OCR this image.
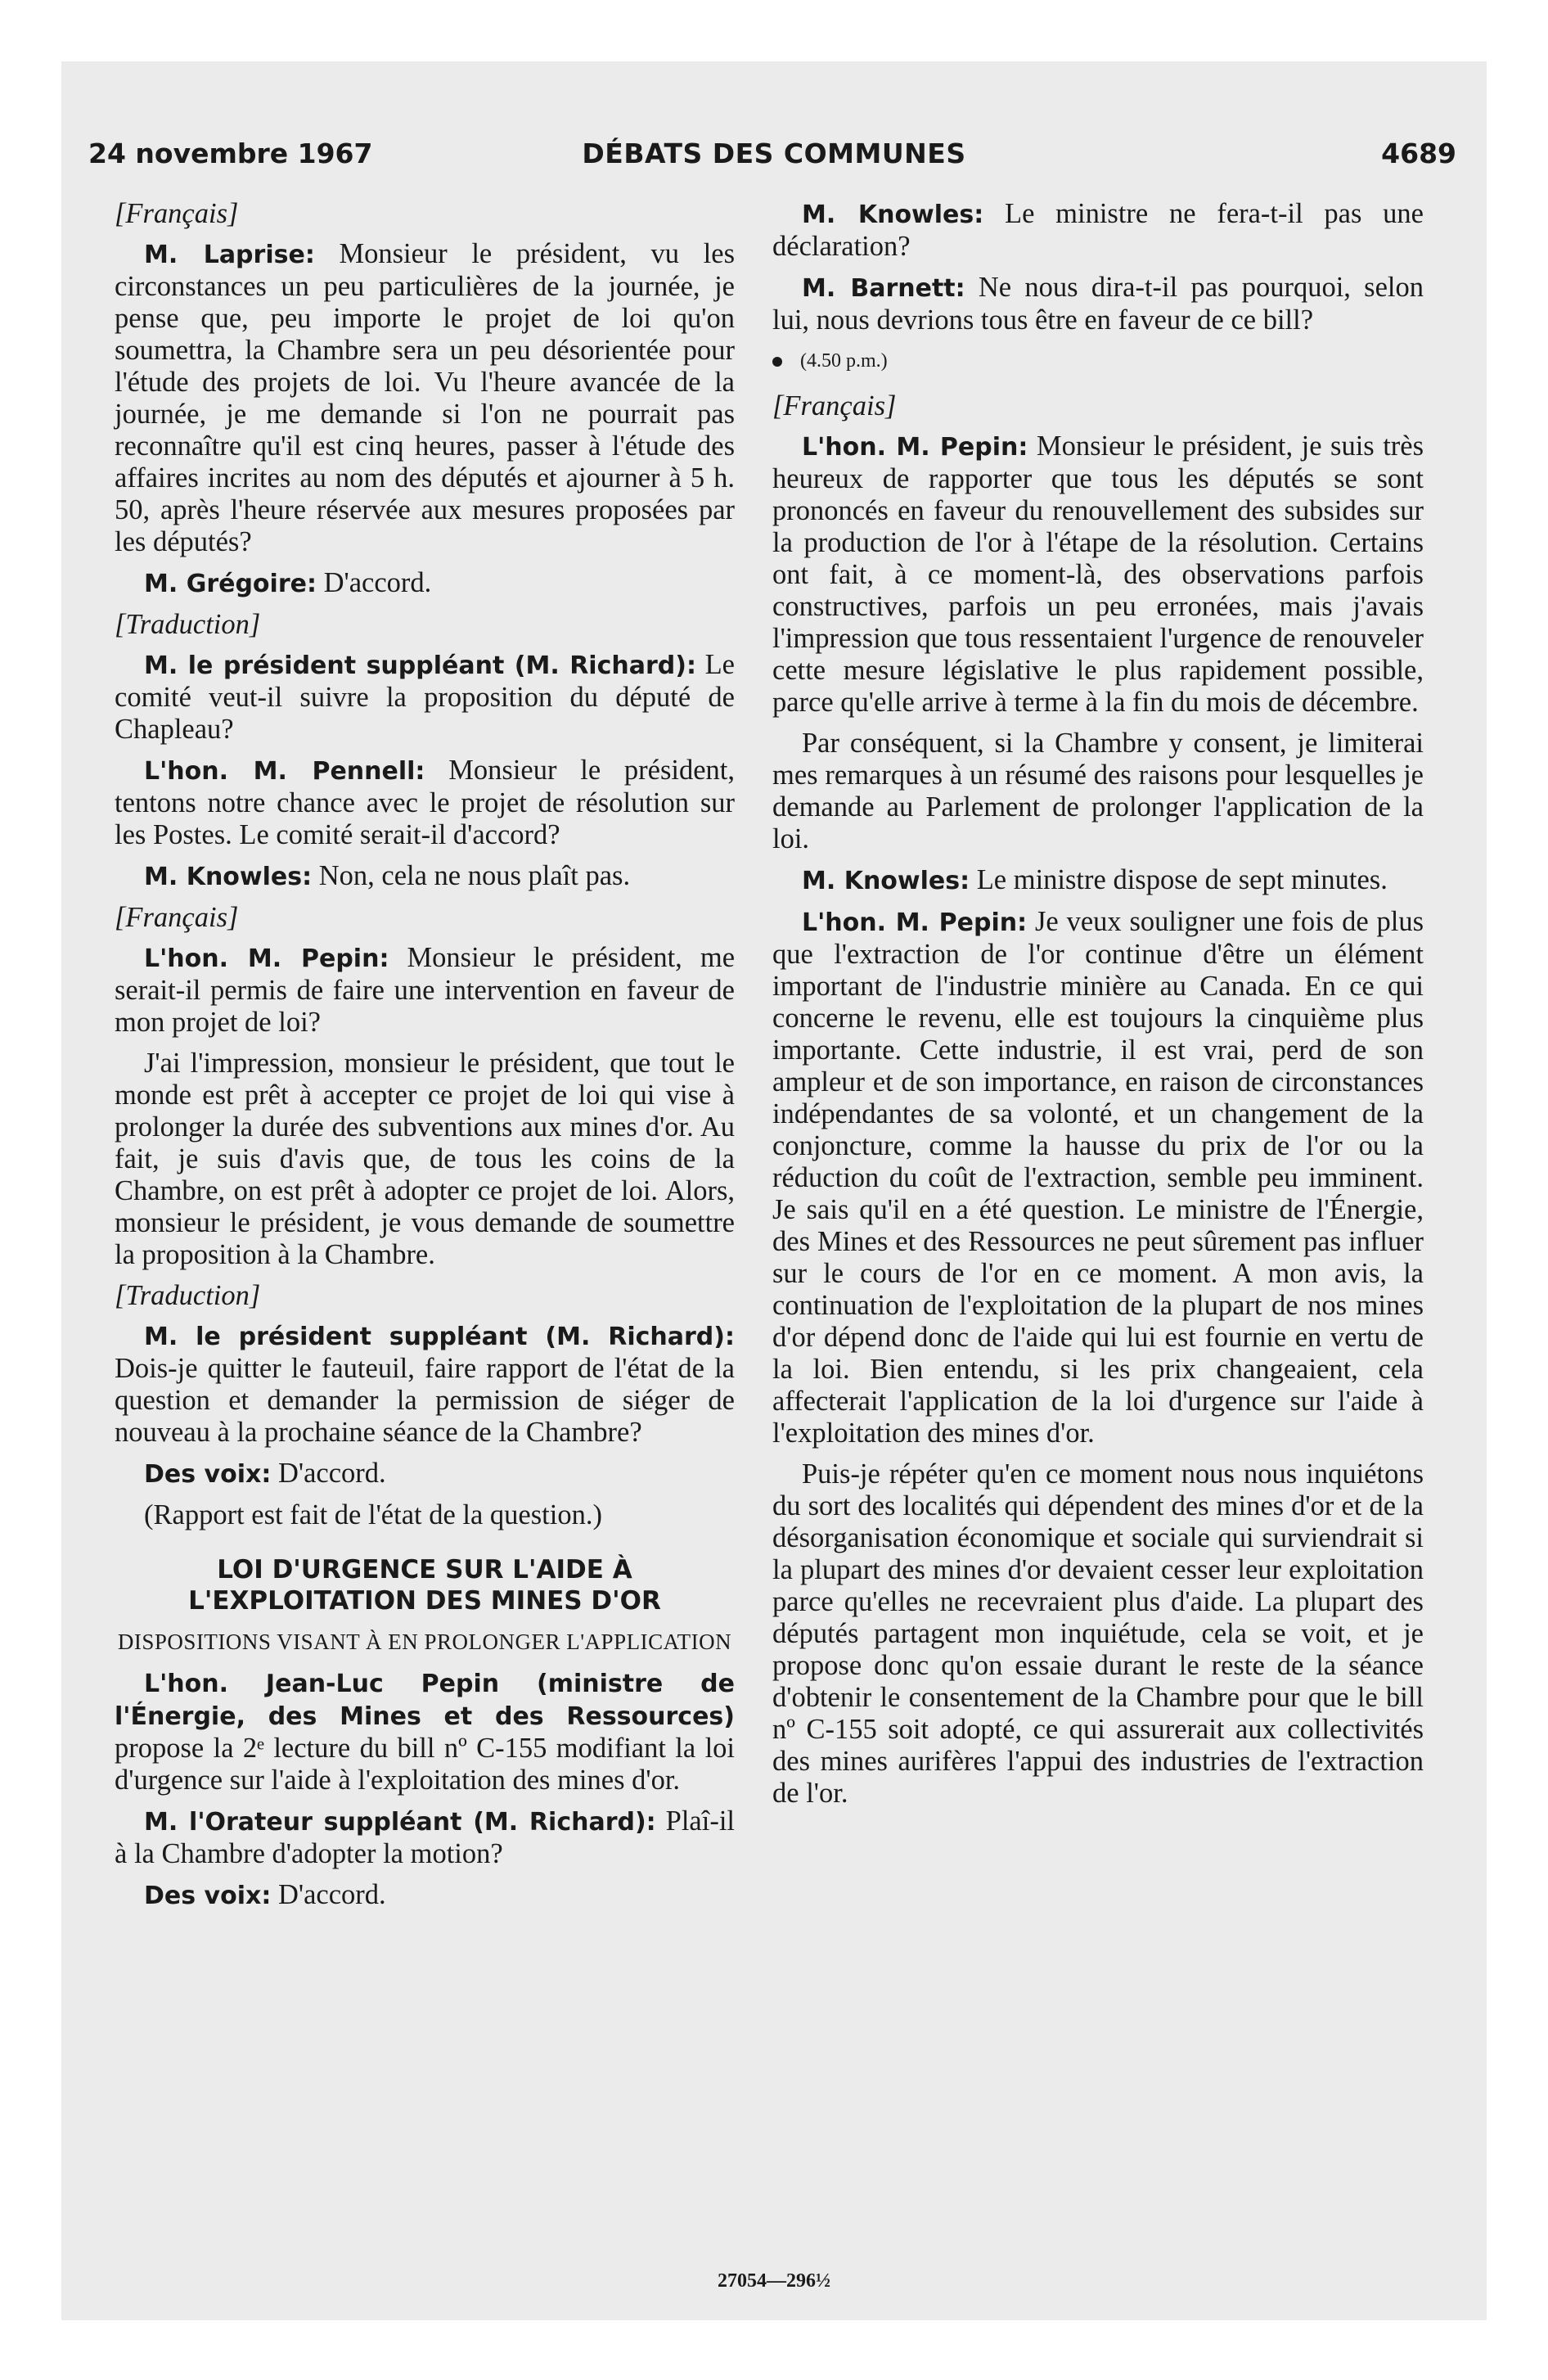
DÉBATS DES COMMUNES
24 novembre 1967	4689

[Français]

M. Laprise: Monsieur le président, vu les circonstances un peu particulières de la journée, je pense que, peu importe le projet de loi qu'on soumettra, la Chambre sera un peu désorientée pour l'étude des projets de loi. Vu l'heure avancée de la journée, je me demande si l'on ne pourrait pas reconnaître qu'il est cinq heures, passer à l'étude des affaires incrites au nom des députés et ajourner à 5 h. 50, après l'heure réservée aux mesures proposées par les députés?

M. Grégoire: D'accord.

[Traduction]

M. le président suppléant (M. Richard): Le comité veut-il suivre la proposition du député de Chapleau?

L'hon. M. Pennell: Monsieur le président, tentons notre chance avec le projet de résolution sur les Postes. Le comité serait-il d'accord?

M. Knowles: Non, cela ne nous plaît pas.

[Français]

L'hon. M. Pepin: Monsieur le président, me serait-il permis de faire une intervention en faveur de mon projet de loi?

J'ai l'impression, monsieur le président, que tout le monde est prêt à accepter ce projet de loi qui vise à prolonger la durée des subventions aux mines d'or. Au fait, je suis d'avis que, de tous les coins de la Chambre, on est prêt à adopter ce projet de loi. Alors, monsieur le président, je vous demande de soumettre la proposition à la Chambre.

[Traduction]

M. le président suppléant (M. Richard): Dois-je quitter le fauteuil, faire rapport de l'état de la question et demander la permission de siéger de nouveau à la prochaine séance de la Chambre?

Des voix: D'accord.

(Rapport est fait de l'état de la question.)

LOI D'URGENCE SUR L'AIDE À L'EXPLOITATION DES MINES D'OR
DISPOSITIONS VISANT À EN PROLONGER L'APPLICATION

L'hon. Jean-Luc Pepin (ministre de l'Énergie, des Mines et des Ressources) propose la 2ᵉ lecture du bill nº C-155 modifiant la loi d'urgence sur l'aide à l'exploitation des mines d'or.

M. l'Orateur suppléant (M. Richard): Plaî-il à la Chambre d'adopter la motion?

Des voix: D'accord.

M. Knowles: Le ministre ne fera-t-il pas une déclaration?

M. Barnett: Ne nous dira-t-il pas pourquoi, selon lui, nous devrions tous être en faveur de ce bill?

(4.50 p.m.)

[Français]

L'hon. M. Pepin: Monsieur le président, je suis très heureux de rapporter que tous les députés se sont prononcés en faveur du renouvellement des subsides sur la production de l'or à l'étape de la résolution. Certains ont fait, à ce moment-là, des observations parfois constructives, parfois un peu erronées, mais j'avais l'impression que tous ressentaient l'urgence de renouveler cette mesure législative le plus rapidement possible, parce qu'elle arrive à terme à la fin du mois de décembre.

Par conséquent, si la Chambre y consent, je limiterai mes remarques à un résumé des raisons pour lesquelles je demande au Parlement de prolonger l'application de la loi.

M. Knowles: Le ministre dispose de sept minutes.

L'hon. M. Pepin: Je veux souligner une fois de plus que l'extraction de l'or continue d'être un élément important de l'industrie minière au Canada. En ce qui concerne le revenu, elle est toujours la cinquième plus importante. Cette industrie, il est vrai, perd de son ampleur et de son importance, en raison de circonstances indépendantes de sa volonté, et un changement de la conjoncture, comme la hausse du prix de l'or ou la réduction du coût de l'extraction, semble peu imminent. Je sais qu'il en a été question. Le ministre de l'Énergie, des Mines et des Ressources ne peut sûrement pas influer sur le cours de l'or en ce moment. A mon avis, la continuation de l'exploitation de la plupart de nos mines d'or dépend donc de l'aide qui lui est fournie en vertu de la loi. Bien entendu, si les prix changeaient, cela affecterait l'application de la loi d'urgence sur l'aide à l'exploitation des mines d'or.

Puis-je répéter qu'en ce moment nous nous inquiétons du sort des localités qui dépendent des mines d'or et de la désorganisation économique et sociale qui surviendrait si la plupart des mines d'or devaient cesser leur exploitation parce qu'elles ne recevraient plus d'aide. La plupart des députés partagent mon inquiétude, cela se voit, et je propose donc qu'on essaie durant le reste de la séance d'obtenir le consentement de la Chambre pour que le bill nº C-155 soit adopté, ce qui assurerait aux collectivités des mines aurifères l'appui des industries de l'extraction de l'or.

27054—296½
